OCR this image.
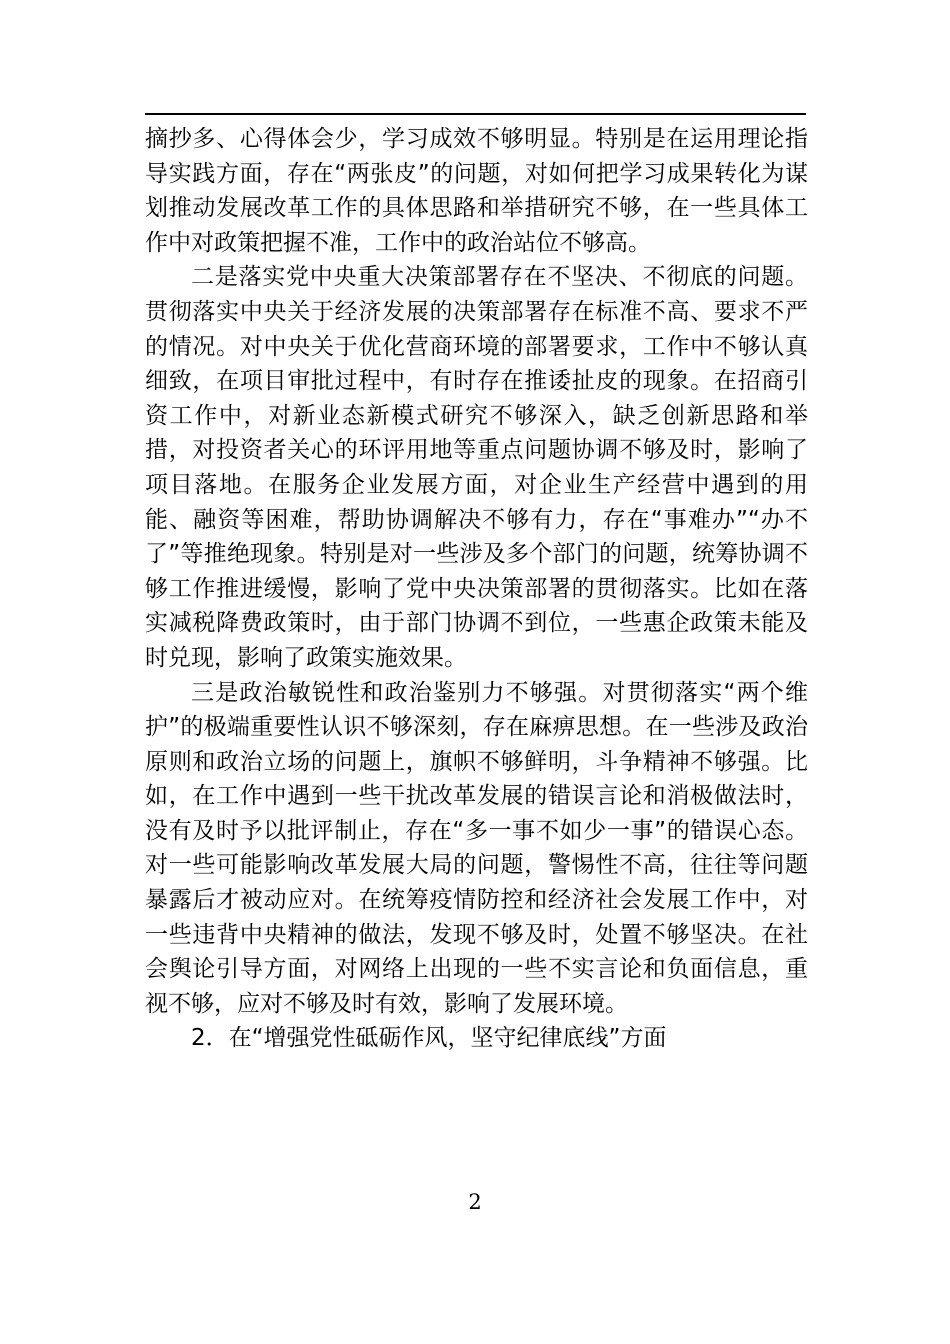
摘抄多、心得体会少，学习成效不够明显。特别是在运用理论指导实践方面，存在“两张皮”的问题，对如何把学习成果转化为谋划推动发展改革工作的具体思路和举措研究不够，在一些具体工作中对政策把握不准，工作中的政治站位不够高。

二是落实党中央重大决策部署存在不坚决、不彻底的问题。贯彻落实中央关于经济发展的决策部署存在标准不高、要求不严的情况。对中央关于优化营商环境的部署要求，工作中不够认真细致，在项目审批过程中，有时存在推诿扯皮的现象。在招商引资工作中，对新业态新模式研究不够深入，缺乏创新思路和举措，对投资者关心的环评用地等重点问题协调不够及时，影响了项目落地。在服务企业发展方面，对企业生产经营中遇到的用能、融资等困难，帮助协调解决不够有力，存在“事难办”“办不了”等推绝现象。特别是对一些涉及多个部门的问题，统筹协调不够工作推进缓慢，影响了党中央决策部署的贯彻落实。比如在落实减税降费政策时，由于部门协调不到位，一些惠企政策未能及时兑现，影响了政策实施效果。

三是政治敏锐性和政治鉴别力不够强。对贯彻落实“两个维护”的极端重要性认识不够深刻，存在麻痹思想。在一些涉及政治原则和政治立场的问题上，旗帜不够鲜明，斗争精神不够强。比如，在工作中遇到一些干扰改革发展的错误言论和消极做法时，没有及时予以批评制止，存在“多一事不如少一事”的错误心态。对一些可能影响改革发展大局的问题，警惕性不高，往往等问题暴露后才被动应对。在统筹疫情防控和经济社会发展工作中，对一些违背中央精神的做法，发现不够及时，处置不够坚决。在社会舆论引导方面，对网络上出现的一些不实言论和负面信息，重视不够，应对不够及时有效，影响了发展环境。

2．在“增强党性砥砺作风，坚守纪律底线”方面

2
